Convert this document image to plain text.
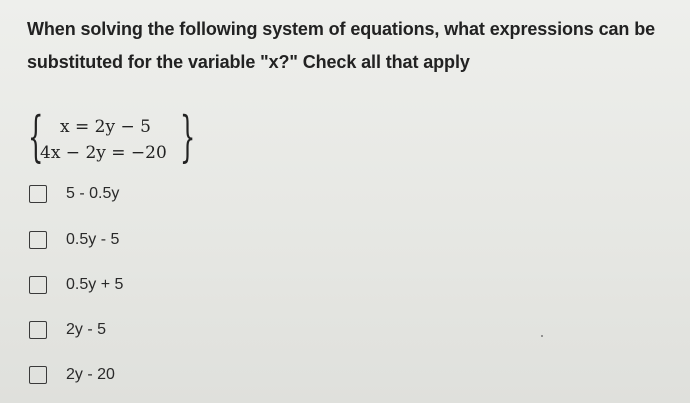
When solving the following system of equations, what expressions can be
substituted for the variable "x?" Check all that apply
{ x = 2y − 5
4x − 2y = −20 }
5 - 0.5y
0.5y - 5
0.5y + 5
2y - 5
2y - 20
